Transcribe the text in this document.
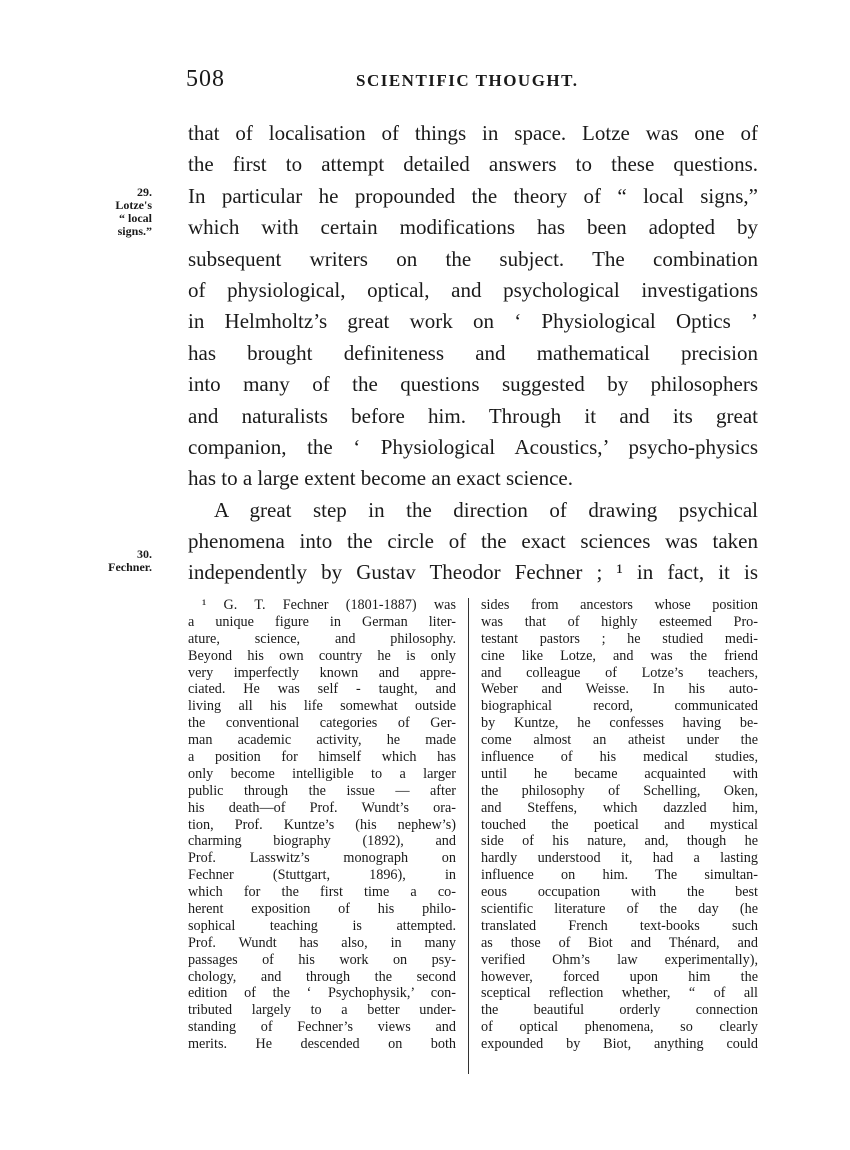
508	SCIENTIFIC THOUGHT.
29.
Lotze's
“ local
signs.”
30.
Fechner.
that of localisation of things in space. Lotze was one of
the first to attempt detailed answers to these questions.
In particular he propounded the theory of “ local signs,”
which with certain modifications has been adopted by
subsequent writers on the subject. The combination
of physiological, optical, and psychological investigations
in Helmholtz’s great work on ‘ Physiological Optics ’
has brought definiteness and mathematical precision
into many of the questions suggested by philosophers
and naturalists before him. Through it and its great
companion, the ‘ Physiological Acoustics,’ psycho-physics
has to a large extent become an exact science.
A great step in the direction of drawing psychical
phenomena into the circle of the exact sciences was taken
independently by Gustav Theodor Fechner ; ¹ in fact, it is
¹ G. T. Fechner (1801-1887) was
a unique figure in German liter-
ature, science, and philosophy.
Beyond his own country he is only
very imperfectly known and appre-
ciated. He was self - taught, and
living all his life somewhat outside
the conventional categories of Ger-
man academic activity, he made
a position for himself which has
only become intelligible to a larger
public through the issue — after
his death—of Prof. Wundt’s ora-
tion, Prof. Kuntze’s (his nephew’s)
charming biography (1892), and
Prof. Lasswitz’s monograph on
Fechner (Stuttgart, 1896), in
which for the first time a co-
herent exposition of his philo-
sophical teaching is attempted.
Prof. Wundt has also, in many
passages of his work on psy-
chology, and through the second
edition of the ‘ Psychophysik,’ con-
tributed largely to a better under-
standing of Fechner’s views and
merits. He descended on both
sides from ancestors whose position
was that of highly esteemed Pro-
testant pastors ; he studied medi-
cine like Lotze, and was the friend
and colleague of Lotze’s teachers,
Weber and Weisse. In his auto-
biographical record, communicated
by Kuntze, he confesses having be-
come almost an atheist under the
influence of his medical studies,
until he became acquainted with
the philosophy of Schelling, Oken,
and Steffens, which dazzled him,
touched the poetical and mystical
side of his nature, and, though he
hardly understood it, had a lasting
influence on him. The simultan-
eous occupation with the best
scientific literature of the day (he
translated French text-books such
as those of Biot and Thénard, and
verified Ohm’s law experimentally),
however, forced upon him the
sceptical reflection whether, “ of all
the beautiful orderly connection
of optical phenomena, so clearly
expounded by Biot, anything could
